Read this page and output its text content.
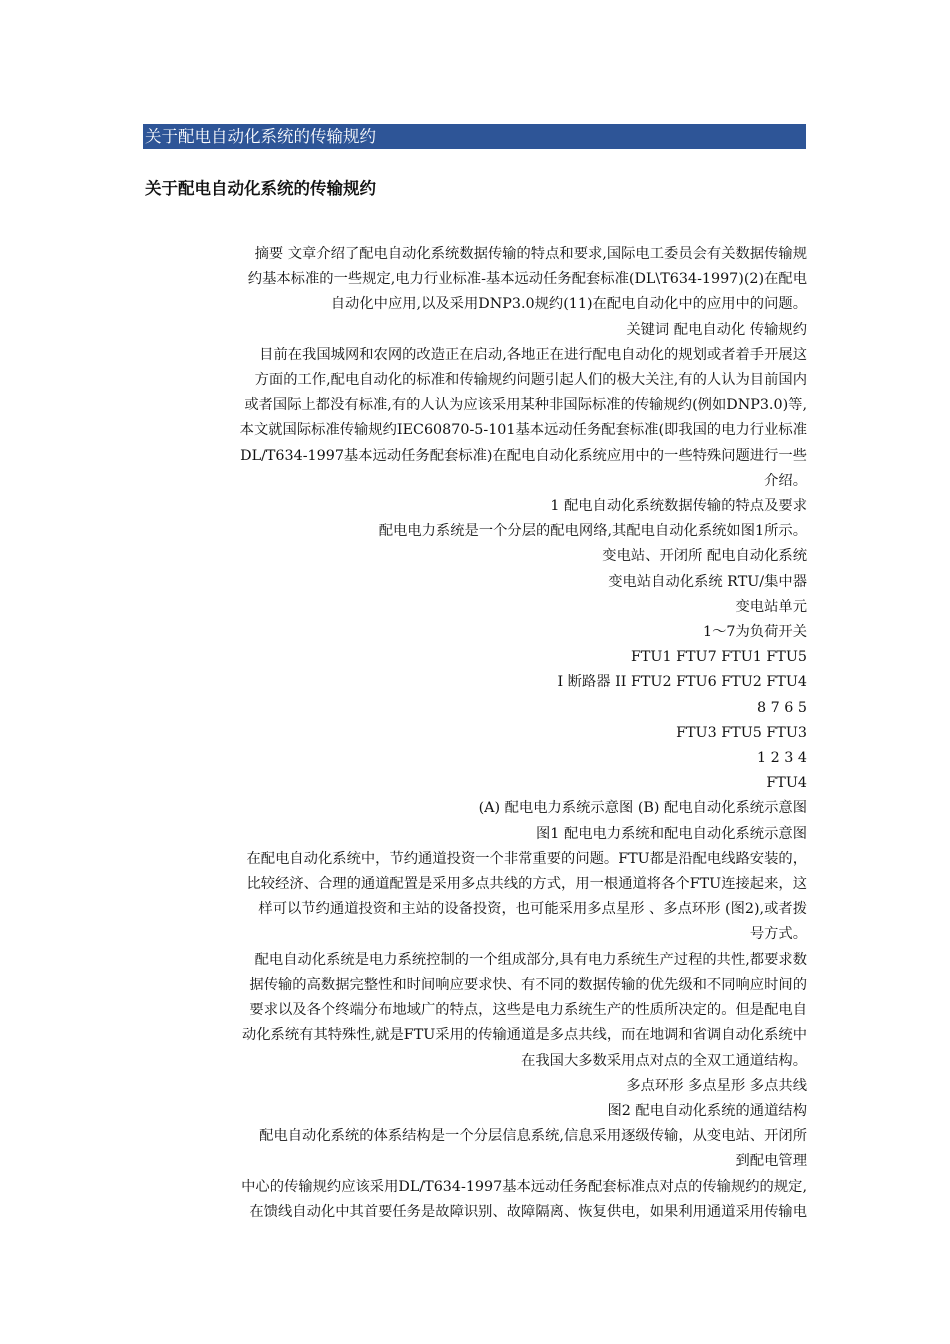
关于配电自动化系统的传输规约
关于配电自动化系统的传输规约
摘要 文章介绍了配电自动化系统数据传输的特点和要求,国际电工委员会有关数据传输规
约基本标准的一些规定,电力行业标准-基本远动任务配套标准(DL\T634-1997)(2)在配电
自动化中应用,以及采用DNP3.0规约(11)在配电自动化中的应用中的问题。
关键词 配电自动化 传输规约
目前在我国城网和农网的改造正在启动,各地正在进行配电自动化的规划或者着手开展这
方面的工作,配电自动化的标准和传输规约问题引起人们的极大关注,有的人认为目前国内
或者国际上都没有标准,有的人认为应该采用某种非国际标准的传输规约(例如DNP3.0)等,
本文就国际标准传输规约IEC60870-5-101基本远动任务配套标准(即我国的电力行业标准
DL/T634-1997基本远动任务配套标准)在配电自动化系统应用中的一些特殊问题进行一些
介绍。
1 配电自动化系统数据传输的特点及要求
配电电力系统是一个分层的配电网络,其配电自动化系统如图1所示。
变电站、开闭所 配电自动化系统
变电站自动化系统 RTU/集中器
变电站单元
1～7为负荷开关
FTU1 FTU7 FTU1 FTU5
I 断路器 II FTU2 FTU6 FTU2 FTU4
8 7 6 5
FTU3 FTU5 FTU3
1 2 3 4
FTU4
(A) 配电电力系统示意图 (B) 配电自动化系统示意图
图1 配电电力系统和配电自动化系统示意图
在配电自动化系统中，节约通道投资一个非常重要的问题。FTU都是沿配电线路安装的，
比较经济、合理的通道配置是采用多点共线的方式，用一根通道将各个FTU连接起来，这
样可以节约通道投资和主站的设备投资，也可能采用多点星形 、多点环形 (图2),或者拨
号方式。
配电自动化系统是电力系统控制的一个组成部分,具有电力系统生产过程的共性,都要求数
据传输的高数据完整性和时间响应要求快、有不同的数据传输的优先级和不同响应时间的
要求以及各个终端分布地域广的特点，这些是电力系统生产的性质所决定的。但是配电自
动化系统有其特殊性,就是FTU采用的传输通道是多点共线，而在地调和省调自动化系统中
在我国大多数采用点对点的全双工通道结构。
多点环形 多点星形 多点共线
图2 配电自动化系统的通道结构
配电自动化系统的体系结构是一个分层信息系统,信息采用逐级传输，从变电站、开闭所
到配电管理
中心的传输规约应该采用DL/T634-1997基本远动任务配套标准点对点的传输规约的规定,
在馈线自动化中其首要任务是故障识别、故障隔离、恢复供电，如果利用通道采用传输电
